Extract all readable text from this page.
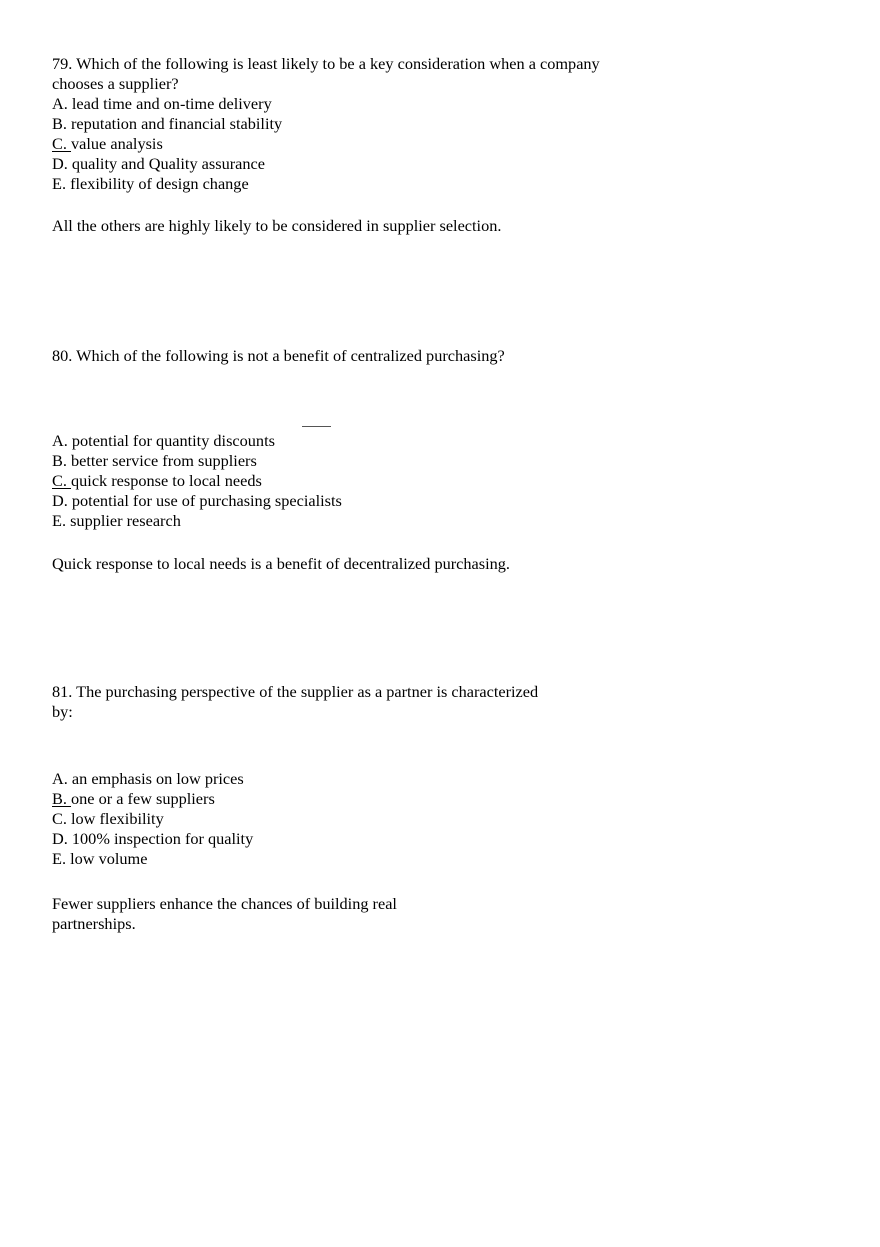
79. Which of the following is least likely to be a key consideration when a company
chooses a supplier?
A. lead time and on-time delivery
B. reputation and financial stability
C. value analysis
D. quality and Quality assurance
E. flexibility of design change
All the others are highly likely to be considered in supplier selection.
80. Which of the following is not a benefit of centralized purchasing?
A. potential for quantity discounts
B. better service from suppliers
C. quick response to local needs
D. potential for use of purchasing specialists
E. supplier research
Quick response to local needs is a benefit of decentralized purchasing.
81. The purchasing perspective of the supplier as a partner is characterized
by:
A. an emphasis on low prices
B. one or a few suppliers
C. low flexibility
D. 100% inspection for quality
E. low volume
Fewer suppliers enhance the chances of building real
partnerships.
